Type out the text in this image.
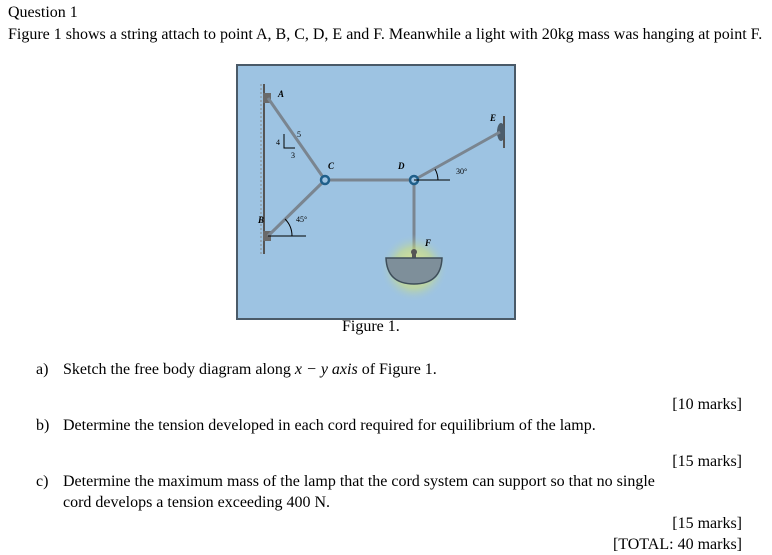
Question 1
Figure 1 shows a string attach to point A, B, C, D, E and F. Meanwhile a light with 20kg mass was hanging at point F.
A
B
C	D
E
F
30°
45°
4
5
3
Figure 1.
a) Sketch the free body diagram along x − y axis of Figure 1.
[10 marks]
b) Determine the tension developed in each cord required for equilibrium of the lamp.
[15 marks]
c) Determine the maximum mass of the lamp that the cord system can support so that no single
cord develops a tension exceeding 400 N.
[15 marks]
[TOTAL: 40 marks]
